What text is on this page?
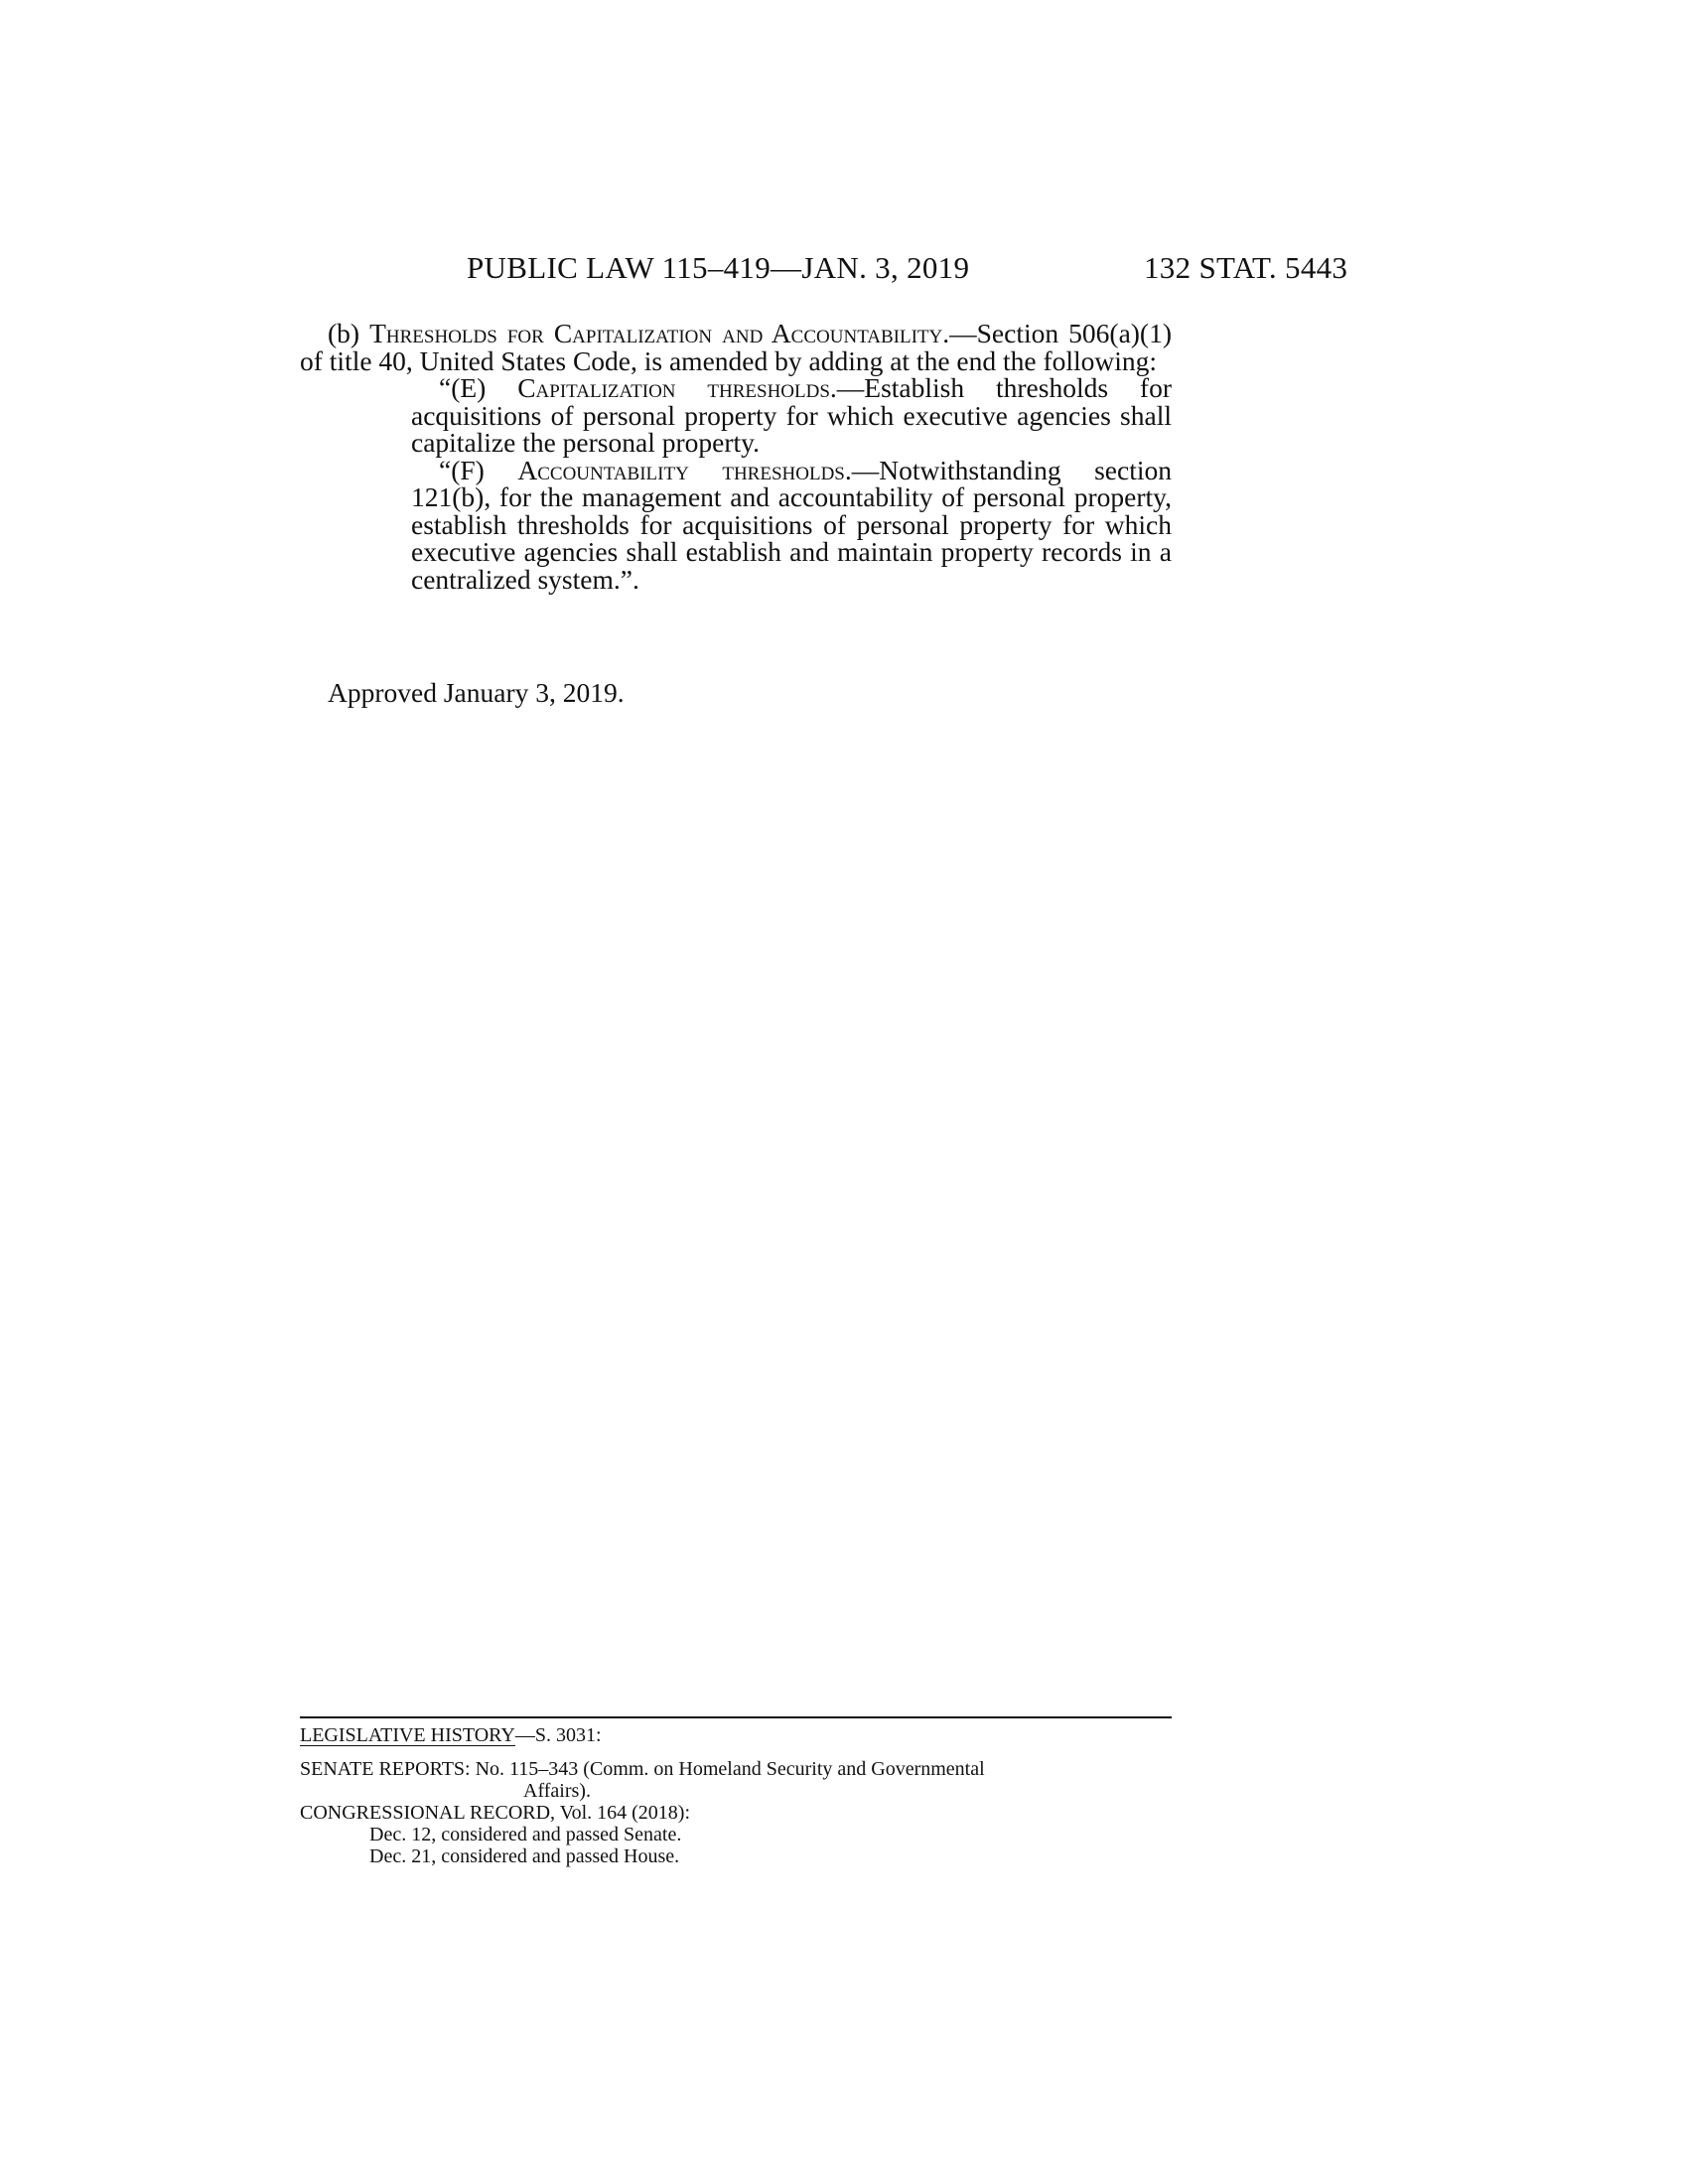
PUBLIC LAW 115–419—JAN. 3, 2019	132 STAT. 5443

(b) Thresholds for Capitalization and Accountability.—Section 506(a)(1) of title 40, United States Code, is amended by adding at the end the following:

“(E) Capitalization thresholds.—Establish thresholds for acquisitions of personal property for which executive agencies shall capitalize the personal property.

“(F) Accountability thresholds.—Notwithstanding section 121(b), for the management and accountability of personal property, establish thresholds for acquisitions of personal property for which executive agencies shall establish and maintain property records in a centralized system.”.

Approved January 3, 2019.
LEGISLATIVE HISTORY—S. 3031:

SENATE REPORTS: No. 115–343 (Comm. on Homeland Security and Governmental

Affairs).

CONGRESSIONAL RECORD, Vol. 164 (2018):

Dec. 12, considered and passed Senate.

Dec. 21, considered and passed House.
